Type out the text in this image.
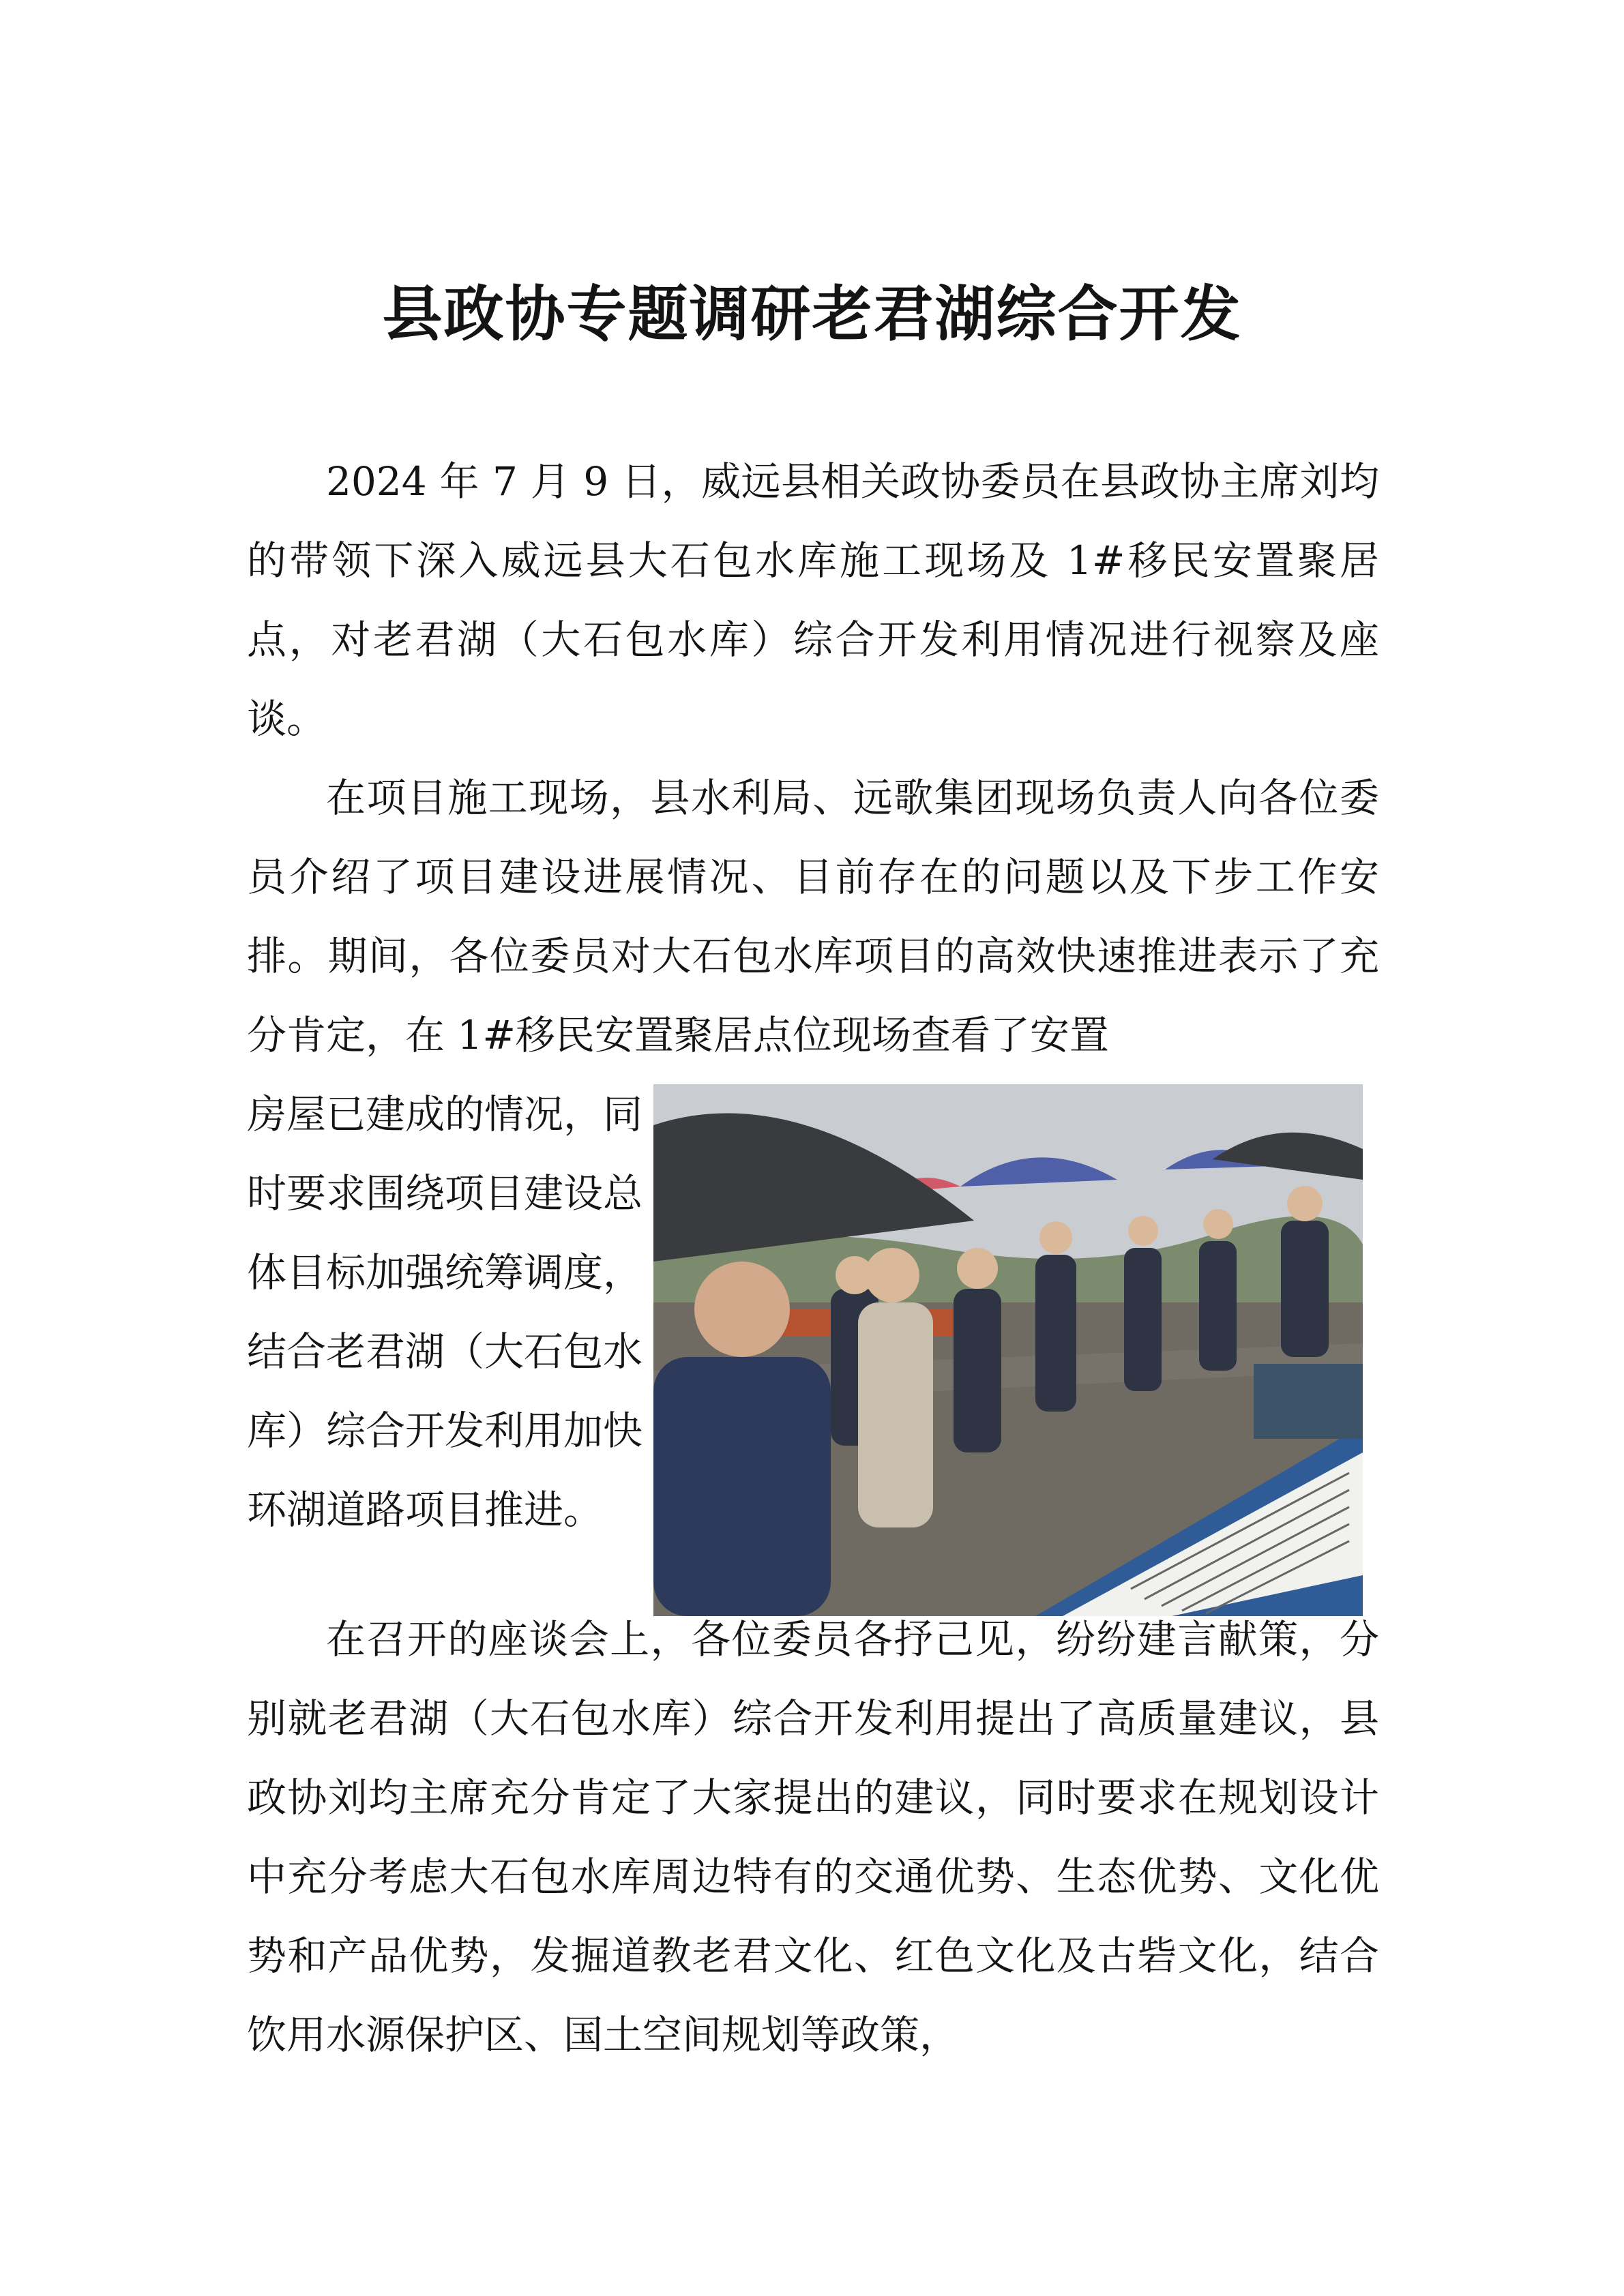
县政协专题调研老君湖综合开发

2024 年 7 月 9 日，威远县相关政协委员在县政协主席刘均的带领下深入威远县大石包水库施工现场及 1#移民安置聚居点，对老君湖（大石包水库）综合开发利用情况进行视察及座谈。

在项目施工现场，县水利局、远歌集团现场负责人向各位委员介绍了项目建设进展情况、目前存在的问题以及下步工作安排。期间，各位委员对大石包水库项目的高效快速推进表示了充分肯定，在 1#移民安置聚居点位现场查看了安置

房屋已建成的情况，同时要求围绕项目建设总体目标加强统筹调度，结合老君湖（大石包水库）综合开发利用加快环湖道路项目推进。

在召开的座谈会上，各位委员各抒己见，纷纷建言献策，分别就老君湖（大石包水库）综合开发利用提出了高质量建议，县政协刘均主席充分肯定了大家提出的建议，同时要求在规划设计中充分考虑大石包水库周边特有的交通优势、生态优势、文化优势和产品优势，发掘道教老君文化、红色文化及古砦文化，结合饮用水源保护区、国土空间规划等政策，
